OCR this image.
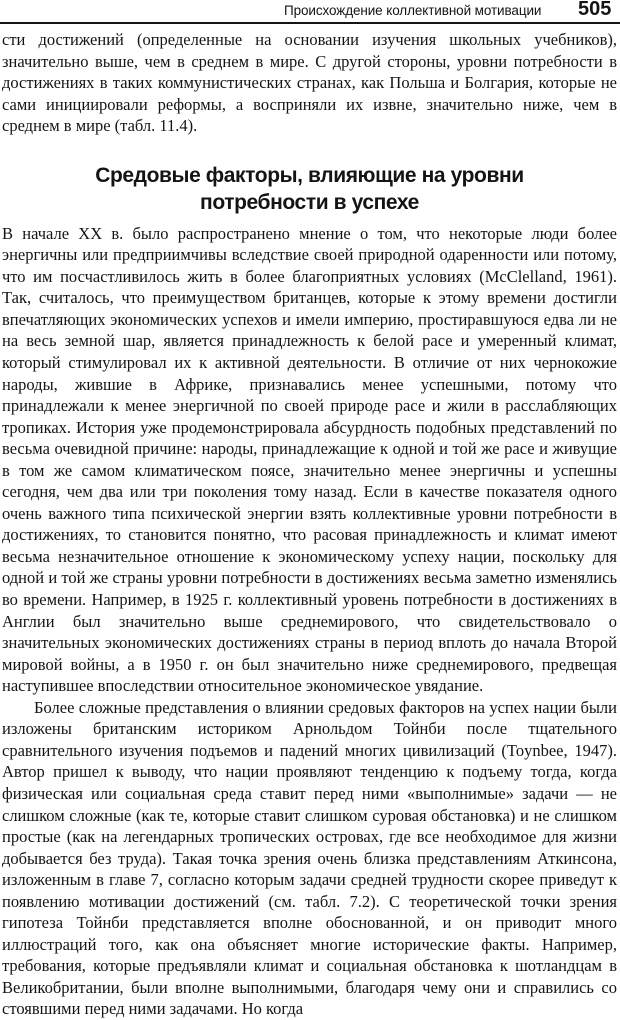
Происхождение коллективной мотивации 505

сти достижений (определенные на основании изучения школьных учебников), значительно выше, чем в среднем в мире. С другой стороны, уровни потребности в достижениях в таких коммунистических странах, как Польша и Болгария, которые не сами инициировали реформы, а восприняли их извне, значительно ниже, чем в среднем в мире (табл. 11.4).

Средовые факторы, влияющие на уровни
потребности в успехе

В начале XX в. было распространено мнение о том, что некоторые люди более энергичны или предприимчивы вследствие своей природной одаренности или потому, что им посчастливилось жить в более благоприятных условиях (McClelland, 1961). Так, считалось, что преимуществом британцев, которые к этому времени достигли впечатляющих экономических успехов и имели империю, простиравшуюся едва ли не на весь земной шар, является принадлежность к белой расе и умеренный климат, который стимулировал их к активной деятельности. В отличие от них чернокожие народы, жившие в Африке, признавались менее успешными, потому что принадлежали к менее энергичной по своей природе расе и жили в расслабляющих тропиках. История уже продемонстрировала абсурдность подобных представлений по весьма очевидной причине: народы, принадлежащие к одной и той же расе и живущие в том же самом климатическом поясе, значительно менее энергичны и успешны сегодня, чем два или три поколения тому назад. Если в качестве показателя одного очень важного типа психической энергии взять коллективные уровни потребности в достижениях, то становится понятно, что расовая принадлежность и климат имеют весьма незначительное отношение к экономическому успеху нации, поскольку для одной и той же страны уровни потребности в достижениях весьма заметно изменялись во времени. Например, в 1925 г. коллективный уровень потребности в достижениях в Англии был значительно выше среднемирового, что свидетельствовало о значительных экономических достижениях страны в период вплоть до начала Второй мировой войны, а в 1950 г. он был значительно ниже среднемирового, предвещая наступившее впоследствии относительное экономическое увядание.

Более сложные представления о влиянии средовых факторов на успех нации были изложены британским историком Арнольдом Тойнби после тщательного сравнительного изучения подъемов и падений многих цивилизаций (Toynbee, 1947). Автор пришел к выводу, что нации проявляют тенденцию к подъему тогда, когда физическая или социальная среда ставит перед ними «выполнимые» задачи — не слишком сложные (как те, которые ставит слишком суровая обстановка) и не слишком простые (как на легендарных тропических островах, где все необходимое для жизни добывается без труда). Такая точка зрения очень близка представлениям Аткинсона, изложенным в главе 7, согласно которым задачи средней трудности скорее приведут к появлению мотивации достижений (см. табл. 7.2). С теоретической точки зрения гипотеза Тойнби представляется вполне обоснованной, и он приводит много иллюстраций того, как она объясняет многие исторические факты. Например, требования, которые предъявляли климат и социальная обстановка к шотландцам в Великобритании, были вполне выполнимыми, благодаря чему они и справились со стоявшими перед ними задачами. Но когда
